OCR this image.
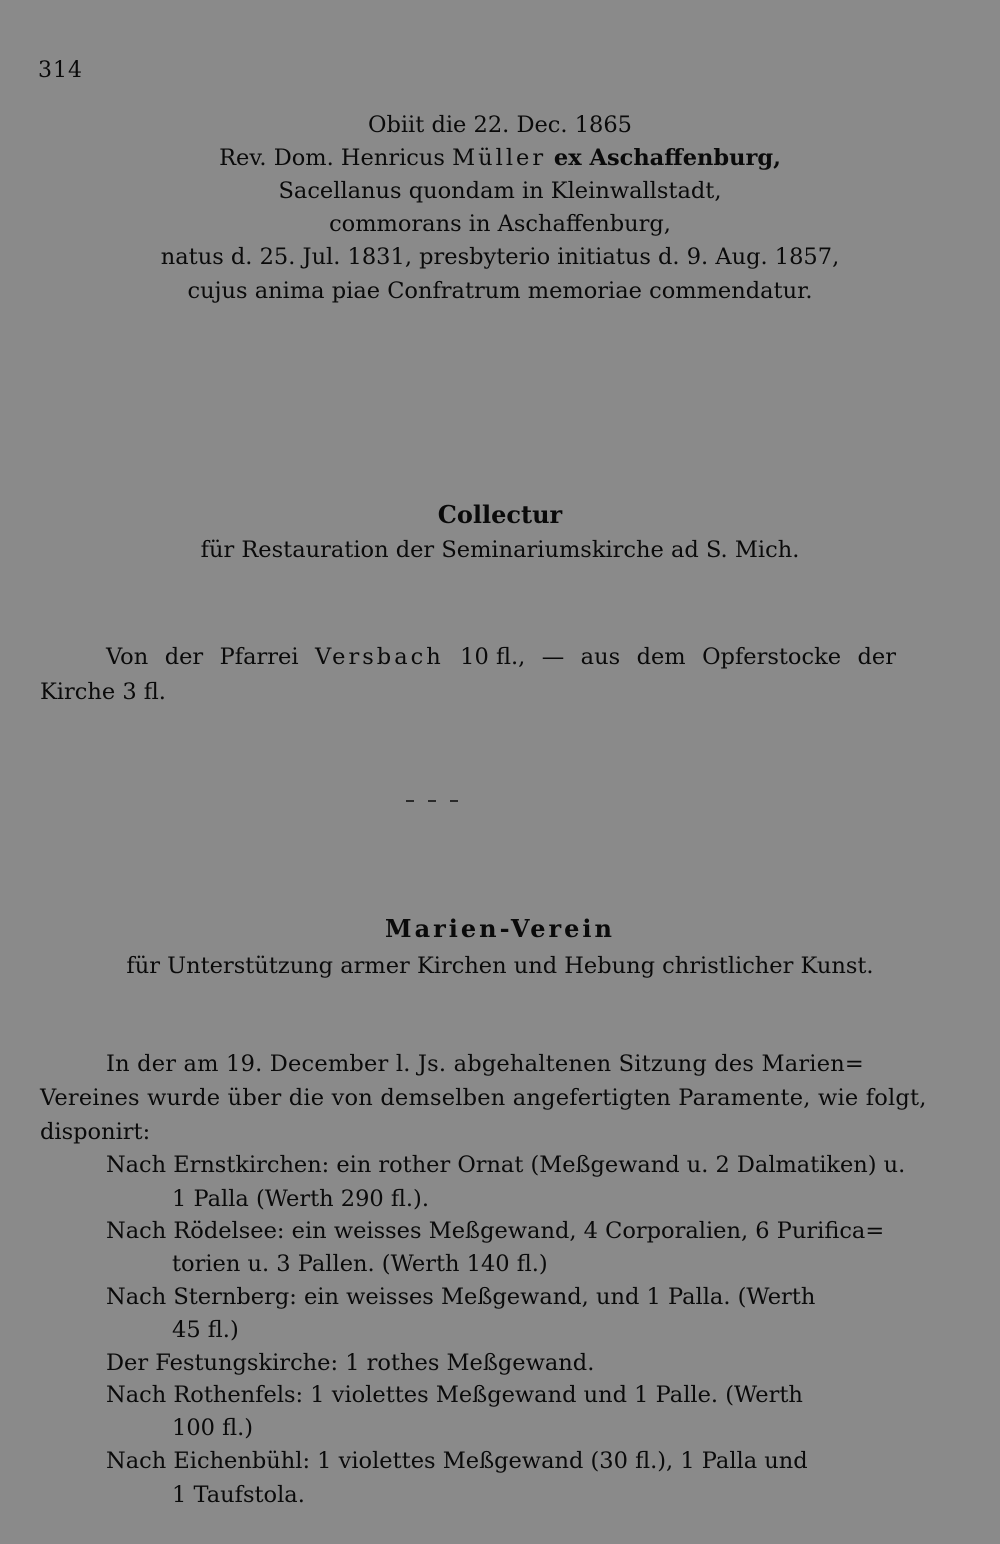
314
Obiit die 22. Dec. 1865
Rev. Dom. Henricus Müller ex Aschaffenburg,
Sacellanus quondam in Kleinwallstadt,
commorans in Aschaffenburg,
natus d. 25. Jul. 1831, presbyterio initiatus d. 9. Aug. 1857,
cujus anima piae Confratrum memoriae commendatur.
Collectur
für Restauration der Seminariumskirche ad S. Mich.
Von der Pfarrei Versbach 10 fl., — aus dem Opferstocke der
Kirche 3 fl.
Marien-Verein
für Unterstützung armer Kirchen und Hebung christlicher Kunst.
In der am 19. December l. Js. abgehaltenen Sitzung des Marien=
Vereines wurde über die von demselben angefertigten Paramente, wie folgt,
disponirt:
Nach Ernstkirchen: ein rother Ornat (Meßgewand u. 2 Dalmatiken) u.
1 Palla (Werth 290 fl.).
Nach Rödelsee: ein weisses Meßgewand, 4 Corporalien, 6 Purifica=
torien u. 3 Pallen. (Werth 140 fl.)
Nach Sternberg: ein weisses Meßgewand, und 1 Palla. (Werth
45 fl.)
Der Festungskirche: 1 rothes Meßgewand.
Nach Rothenfels: 1 violettes Meßgewand und 1 Palle. (Werth
100 fl.)
Nach Eichenbühl: 1 violettes Meßgewand (30 fl.), 1 Palla und
1 Taufstola.
